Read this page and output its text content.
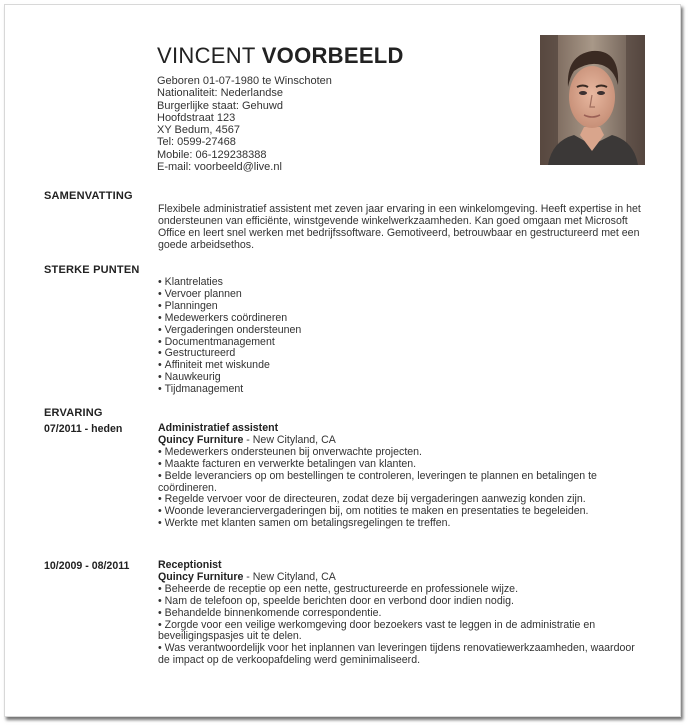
VINCENT VOORBEELD
Geboren 01-07-1980 te Winschoten
Nationaliteit: Nederlandse
Burgerlijke staat: Gehuwd
Hoofdstraat 123
XY Bedum, 4567
Tel: 0599-27468
Mobile: 06-129238388
E-mail: voorbeeld@live.nl
SAMENVATTING
Flexibele administratief assistent met zeven jaar ervaring in een winkelomgeving. Heeft expertise in het ondersteunen van efficiënte, winstgevende winkelwerkzaamheden. Kan goed omgaan met Microsoft Office en leert snel werken met bedrijfssoftware. Gemotiveerd, betrouwbaar en gestructureerd met een goede arbeidsethos.
STERKE PUNTEN
• Klantrelaties
• Vervoer plannen
• Planningen
• Medewerkers coördineren
• Vergaderingen ondersteunen
• Documentmanagement
• Gestructureerd
• Affiniteit met wiskunde
• Nauwkeurig
• Tijdmanagement
ERVARING
07/2011 - heden	Administratief assistent
Quincy Furniture - New Cityland, CA
• Medewerkers ondersteunen bij onverwachte projecten.
• Maakte facturen en verwerkte betalingen van klanten.
• Belde leveranciers op om bestellingen te controleren, leveringen te plannen en betalingen te coördineren.
• Regelde vervoer voor de directeuren, zodat deze bij vergaderingen aanwezig konden zijn.
• Woonde leveranciervergaderingen bij, om notities te maken en presentaties te begeleiden.
• Werkte met klanten samen om betalingsregelingen te treffen.
10/2009 - 08/2011	Receptionist
Quincy Furniture - New Cityland, CA
• Beheerde de receptie op een nette, gestructureerde en professionele wijze.
• Nam de telefoon op, speelde berichten door en verbond door indien nodig.
• Behandelde binnenkomende correspondentie.
• Zorgde voor een veilige werkomgeving door bezoekers vast te leggen in de administratie en beveiligingspasjes uit te delen.
• Was verantwoordelijk voor het inplannen van leveringen tijdens renovatiewerkzaamheden, waardoor de impact op de verkoopafdeling werd geminimaliseerd.
